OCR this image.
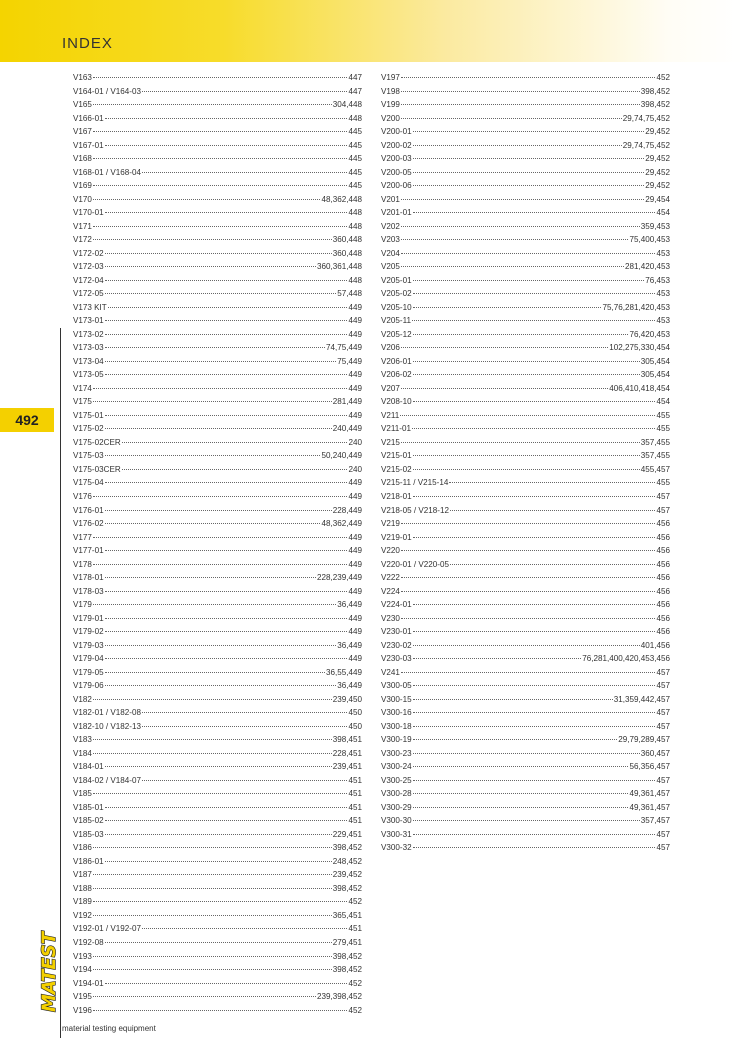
INDEX
492
V163	447
V164-01 / V164-03	447
V165	304,448
V166-01	448
V167	445
V167-01	445
V168	445
V168-01 / V168-04	445
V169	445
V170	48,362,448
V170-01	448
V171	448
V172	360,448
V172-02	360,448
V172-03	360,361,448
V172-04	448
V172-05	57,448
V173 KIT	449
V173-01	449
V173-02	449
V173-03	74,75,449
V173-04	75,449
V173-05	449
V174	449
V175	281,449
V175-01	449
V175-02	240,449
V175-02CER	240
V175-03	50,240,449
V175-03CER	240
V175-04	449
V176	449
V176-01	228,449
V176-02	48,362,449
V177	449
V177-01	449
V178	449
V178-01	228,239,449
V178-03	449
V179	36,449
V179-01	449
V179-02	449
V179-03	36,449
V179-04	449
V179-05	36,55,449
V179-06	36,449
V182	239,450
V182-01 / V182-08	450
V182-10 / V182-13	450
V183	398,451
V184	228,451
V184-01	239,451
V184-02 / V184-07	451
V185	451
V185-01	451
V185-02	451
V185-03	229,451
V186	398,452
V186-01	248,452
V187	239,452
V188	398,452
V189	452
V192	365,451
V192-01 / V192-07	451
V192-08	279,451
V193	398,452
V194	398,452
V194-01	452
V195	239,398,452
V196	452
V197	452
V198	398,452
V199	398,452
V200	29,74,75,452
V200-01	29,452
V200-02	29,74,75,452
V200-03	29,452
V200-05	29,452
V200-06	29,452
V201	29,454
V201-01	454
V202	359,453
V203	75,400,453
V204	453
V205	281,420,453
V205-01	76,453
V205-02	453
V205-10	75,76,281,420,453
V205-11	453
V205-12	76,420,453
V206	102,275,330,454
V206-01	305,454
V206-02	305,454
V207	406,410,418,454
V208-10	454
V211	455
V211-01	455
V215	357,455
V215-01	357,455
V215-02	455,457
V215-11 / V215-14	455
V218-01	457
V218-05 / V218-12	457
V219	456
V219-01	456
V220	456
V220-01 / V220-05	456
V222	456
V224	456
V224-01	456
V230	456
V230-01	456
V230-02	401,456
V230-03	76,281,400,420,453,456
V241	457
V300-05	457
V300-15	31,359,442,457
V300-16	457
V300-18	457
V300-19	29,79,289,457
V300-23	360,457
V300-24	56,356,457
V300-25	457
V300-28	49,361,457
V300-29	49,361,457
V300-30	357,457
V300-31	457
V300-32	457
MATEST
material testing equipment
